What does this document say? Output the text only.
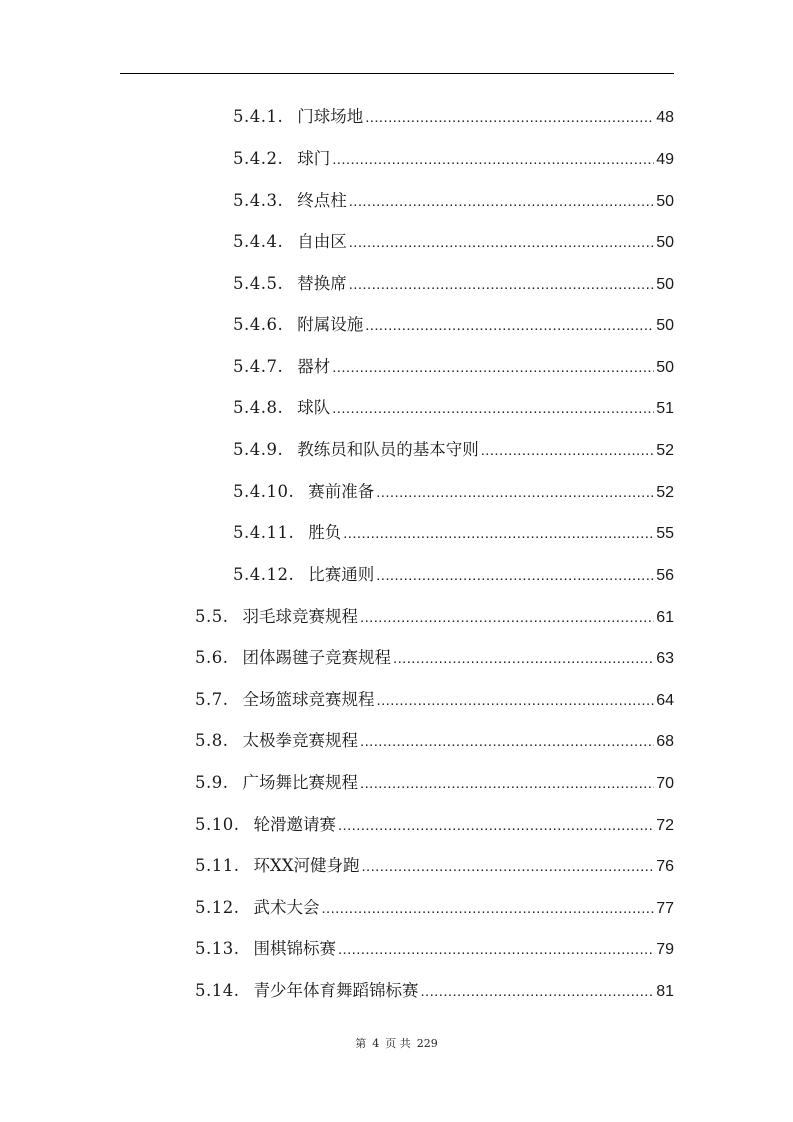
5.4.1. 门球场地 .....	48
5.4.2. 球门 .....	49
5.4.3. 终点柱 .....	50
5.4.4. 自由区 .....	50
5.4.5. 替换席 .....	50
5.4.6. 附属设施 .....	50
5.4.7. 器材 .....	50
5.4.8. 球队 .....	51
5.4.9. 教练员和队员的基本守则 .....	52
5.4.10. 赛前准备 .....	52
5.4.11. 胜负 .....	55
5.4.12. 比赛通则 .....	56
5.5. 羽毛球竞赛规程 .....	61
5.6. 团体踢毽子竞赛规程 .....	63
5.7. 全场篮球竞赛规程 .....	64
5.8. 太极拳竞赛规程 .....	68
5.9. 广场舞比赛规程 .....	70
5.10. 轮滑邀请赛 .....	72
5.11. 环XX河健身跑 .....	76
5.12. 武术大会 .....	77
5.13. 围棋锦标赛 .....	79
5.14. 青少年体育舞蹈锦标赛 .....	81
第 4 页 共 229
